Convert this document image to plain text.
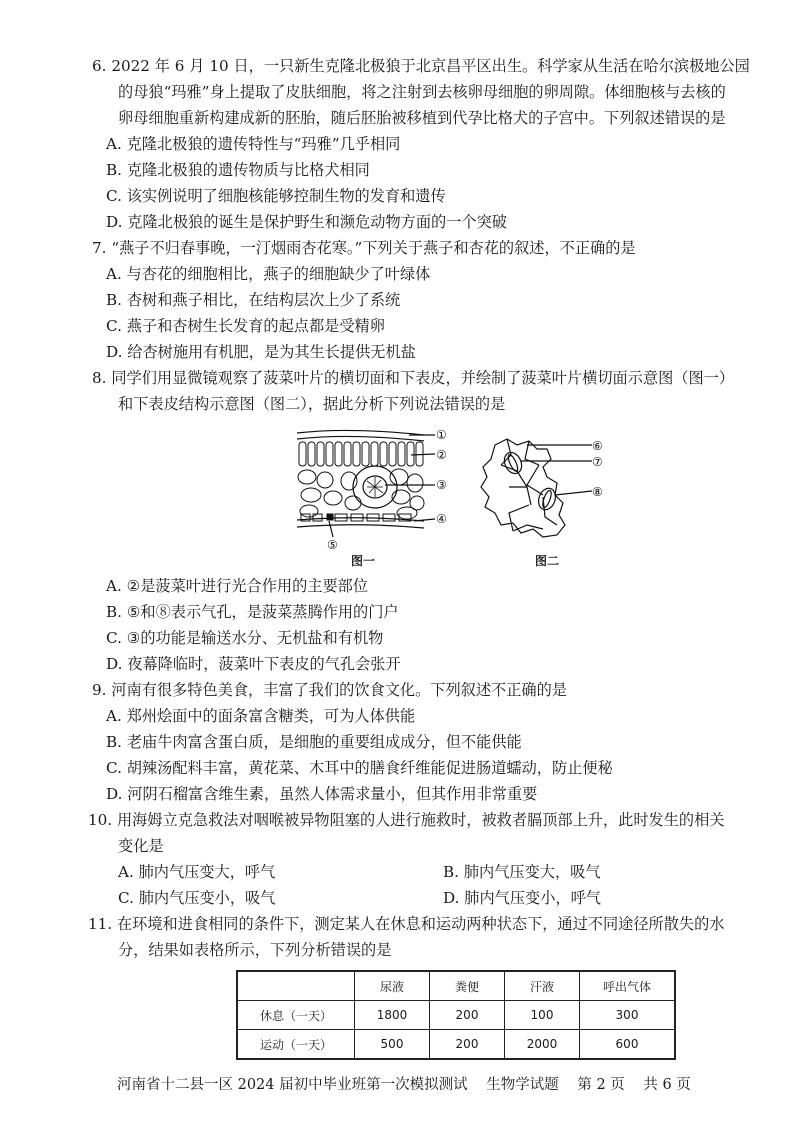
6. 2022 年 6 月 10 日，一只新生克隆北极狼于北京昌平区出生。科学家从生活在哈尔滨极地公园
的母狼“玛雅”身上提取了皮肤细胞，将之注射到去核卵母细胞的卵周隙。体细胞核与去核的
卵母细胞重新构建成新的胚胎，随后胚胎被移植到代孕比格犬的子宫中。下列叙述错误的是
A. 克隆北极狼的遗传特性与“玛雅”几乎相同
B. 克隆北极狼的遗传物质与比格犬相同
C. 该实例说明了细胞核能够控制生物的发育和遗传
D. 克隆北极狼的诞生是保护野生和濒危动物方面的一个突破
7. “燕子不归春事晚，一汀烟雨杏花寒。”下列关于燕子和杏花的叙述，不正确的是
A. 与杏花的细胞相比，燕子的细胞缺少了叶绿体
B. 杏树和燕子相比，在结构层次上少了系统
C. 燕子和杏树生长发育的起点都是受精卵
D. 给杏树施用有机肥，是为其生长提供无机盐
8. 同学们用显微镜观察了菠菜叶片的横切面和下表皮，并绘制了菠菜叶片横切面示意图（图一）
和下表皮结构示意图（图二），据此分析下列说法错误的是
①
②
③
④
⑤
⑥
⑦
⑧
图一	图二
A. ②是菠菜叶进行光合作用的主要部位
B. ⑤和⑧表示气孔，是菠菜蒸腾作用的门户
C. ③的功能是输送水分、无机盐和有机物
D. 夜幕降临时，菠菜叶下表皮的气孔会张开
9. 河南有很多特色美食，丰富了我们的饮食文化。下列叙述不正确的是
A. 郑州烩面中的面条富含糖类，可为人体供能
B. 老庙牛肉富含蛋白质，是细胞的重要组成成分，但不能供能
C. 胡辣汤配料丰富，黄花菜、木耳中的膳食纤维能促进肠道蠕动，防止便秘
D. 河阴石榴富含维生素，虽然人体需求量小，但其作用非常重要
10. 用海姆立克急救法对咽喉被异物阻塞的人进行施救时，被救者膈顶部上升，此时发生的相关
变化是
A. 肺内气压变大，呼气	B. 肺内气压变大，吸气
C. 肺内气压变小，吸气	D. 肺内气压变小，呼气
11. 在环境和进食相同的条件下，测定某人在休息和运动两种状态下，通过不同途径所散失的水
分，结果如表格所示，下列分析错误的是
	尿液	粪便	汗液	呼出气体
休息（一天）	1800	200	100	300
运动（一天）	500	200	2000	600
河南省十二县一区 2024 届初中毕业班第一次模拟测试 生物学试题 第 2 页 共 6 页
